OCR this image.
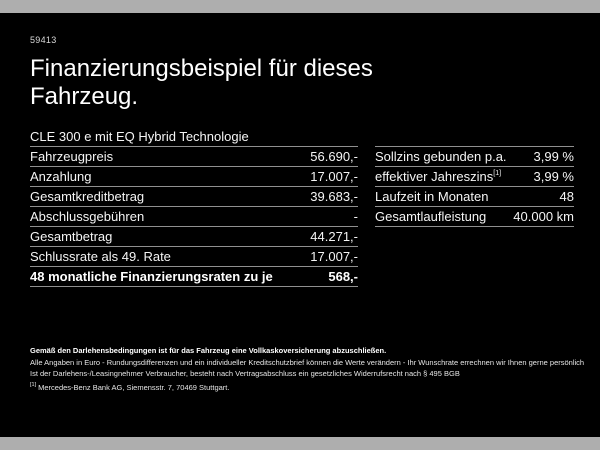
59413
Finanzierungsbeispiel für dieses
Fahrzeug.
CLE 300 e mit EQ Hybrid Technologie
Fahrzeugpreis	56.690,-
Anzahlung	17.007,-
Gesamtkreditbetrag	39.683,-
Abschlussgebühren	-
Gesamtbetrag	44.271,-
Schlussrate als 49. Rate	17.007,-
48 monatliche Finanzierungsraten zu je	568,-
Sollzins gebunden p.a.	3,99 %
effektiver Jahreszins[1]	3,99 %
Laufzeit in Monaten	48
Gesamtlaufleistung	40.000 km
Gemäß den Darlehensbedingungen ist für das Fahrzeug eine Vollkaskoversicherung abzuschließen.
Alle Angaben in Euro - Rundungsdifferenzen und ein individueller Kreditschutzbrief können die Werte verändern - Ihr Wunschrate errechnen wir Ihnen gerne persönlich
Ist der Darlehens-/Leasingnehmer Verbraucher, besteht nach Vertragsabschluss ein gesetzliches Widerrufsrecht nach § 495 BGB
[1] Mercedes-Benz Bank AG, Siemensstr. 7, 70469 Stuttgart.
